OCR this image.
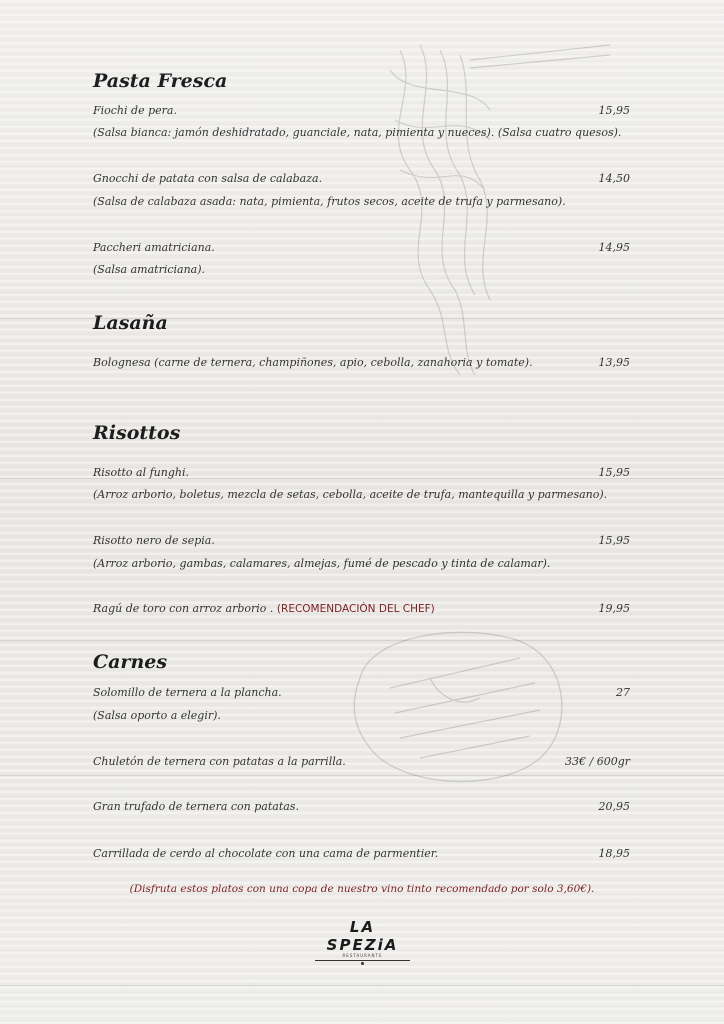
Pasta Fresca
Fiochi de pera.	15,95
(Salsa bianca: jamón deshidratado, guanciale, nata, pimienta y nueces). (Salsa cuatro quesos).
Gnocchi de patata con salsa de calabaza.	14,50
(Salsa de calabaza asada: nata, pimienta, frutos secos, aceite de trufa y parmesano).
Paccheri amatriciana.	14,95
(Salsa amatriciana).
Lasaña
Bolognesa (carne de ternera, champiñones, apio, cebolla, zanahoria y tomate).	13,95
Risottos
Risotto al funghi.	15,95
(Arroz arborio, boletus, mezcla de setas, cebolla, aceite de trufa, mantequilla y parmesano).
Risotto nero de sepia.	15,95
(Arroz arborio, gambas, calamares, almejas, fumé de pescado y tinta de calamar).
Ragú de toro con arroz arborio . (RECOMENDACIÓN DEL CHEF)	19,95
Carnes
Solomillo de ternera a la plancha.	27
(Salsa oporto a elegir).
Chuletón de ternera con patatas a la parrilla.	33€ / 600gr
Gran trufado de ternera con patatas.	20,95
Carrillada de cerdo al chocolate con una cama de parmentier.	18,95
(Disfruta estos platos con una copa de nuestro vino tinto recomendado por solo 3,60€).
LA SPEZiA
RESTAURANTE
